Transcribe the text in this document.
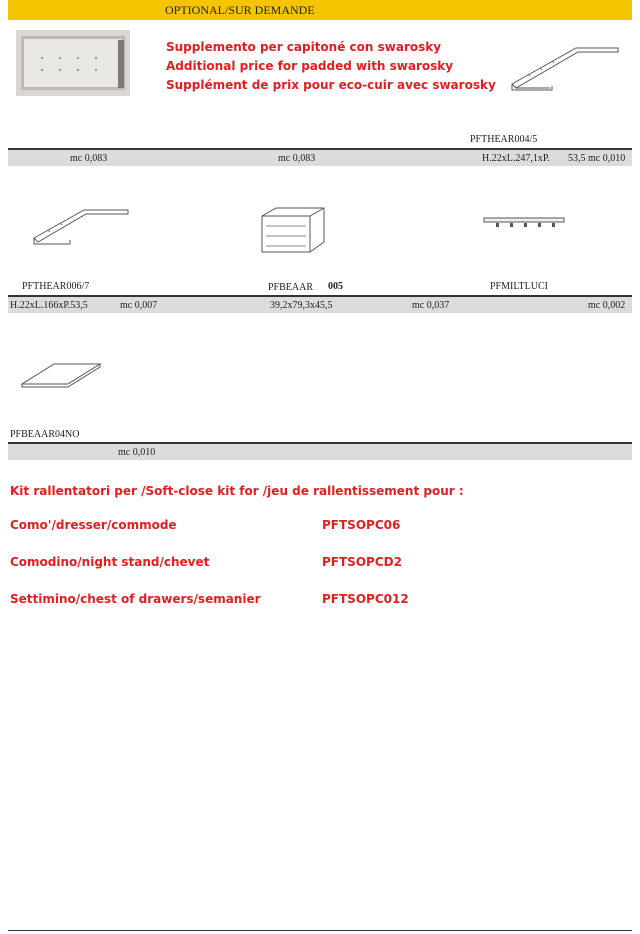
OPTIONAL/SUR DEMANDE
Supplemento per capitoné con swarosky
Additional price for padded with swarosky
Supplément de prix pour eco-cuir avec swarosky
PFTHEAR004/5
mc 0,083	mc 0,083	H.22xL.247,1xP. 53,5 mc 0,010
PFTHEAR006/7	PFBEAAR 005	PFMILTLUCI
H.22xL.166xP.53,5	mc 0,007	39,2x79,3x45,5	mc 0,037	mc 0,002
PFBEAAR04NO
mc 0,010
Kit rallentatori per /Soft-close kit for /jeu de rallentissement pour :
Como'/dresser/commode	PFTSOPC06
Comodino/night stand/chevet	PFTSOPCD2
Settimino/chest of drawers/semanier	PFTSOPC012
